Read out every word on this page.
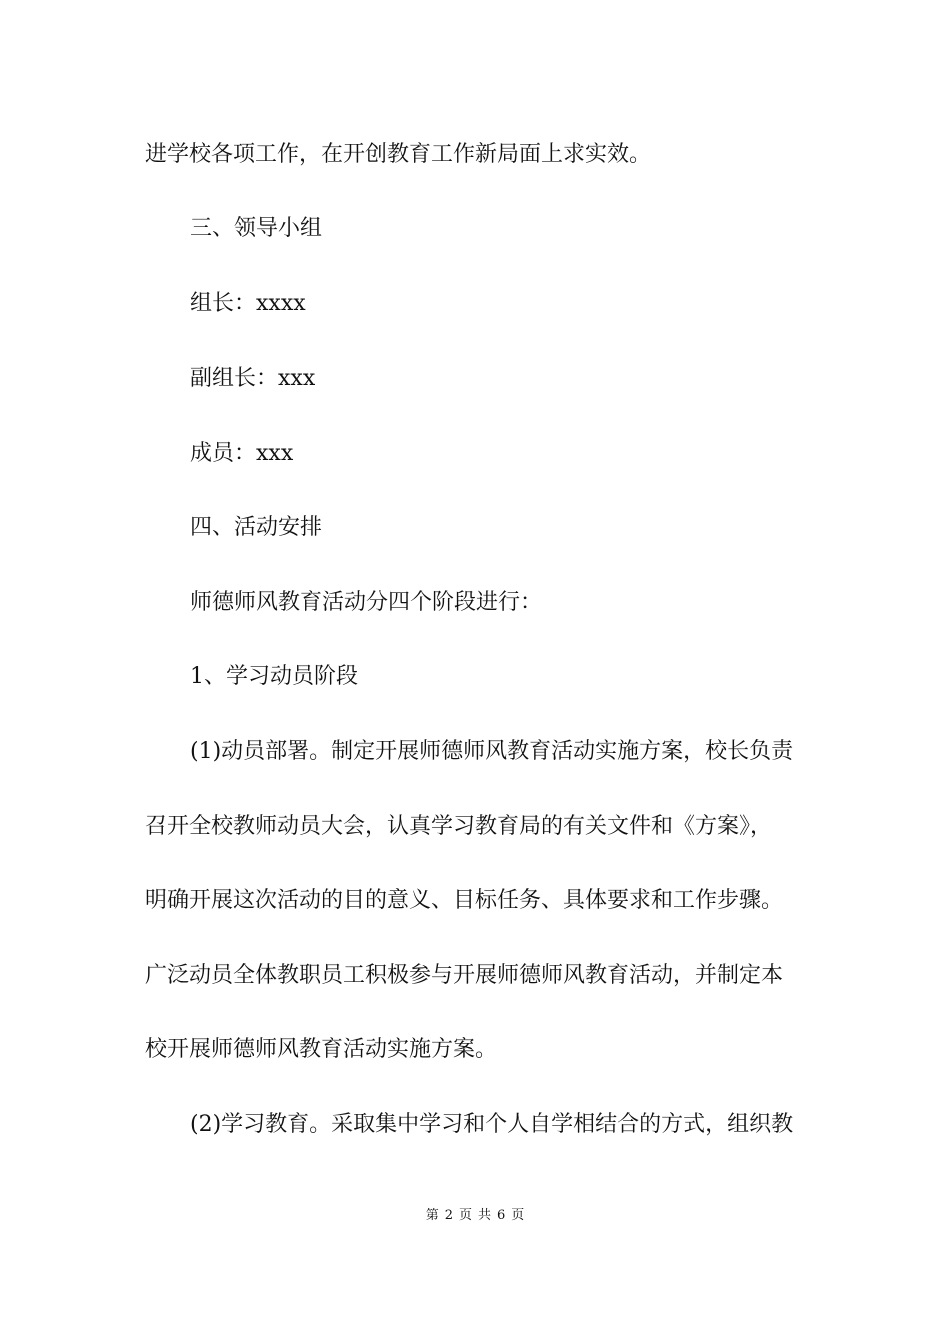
进学校各项工作，在开创教育工作新局面上求实效。

三、领导小组

组长：xxxx

副组长：xxx

成员：xxx

四、活动安排

师德师风教育活动分四个阶段进行：

1、学习动员阶段

(1)动员部署。制定开展师德师风教育活动实施方案，校长负责

召开全校教师动员大会，认真学习教育局的有关文件和《方案》，

明确开展这次活动的目的意义、目标任务、具体要求和工作步骤。

广泛动员全体教职员工积极参与开展师德师风教育活动，并制定本

校开展师德师风教育活动实施方案。

(2)学习教育。采取集中学习和个人自学相结合的方式，组织教

第 2 页 共 6 页
